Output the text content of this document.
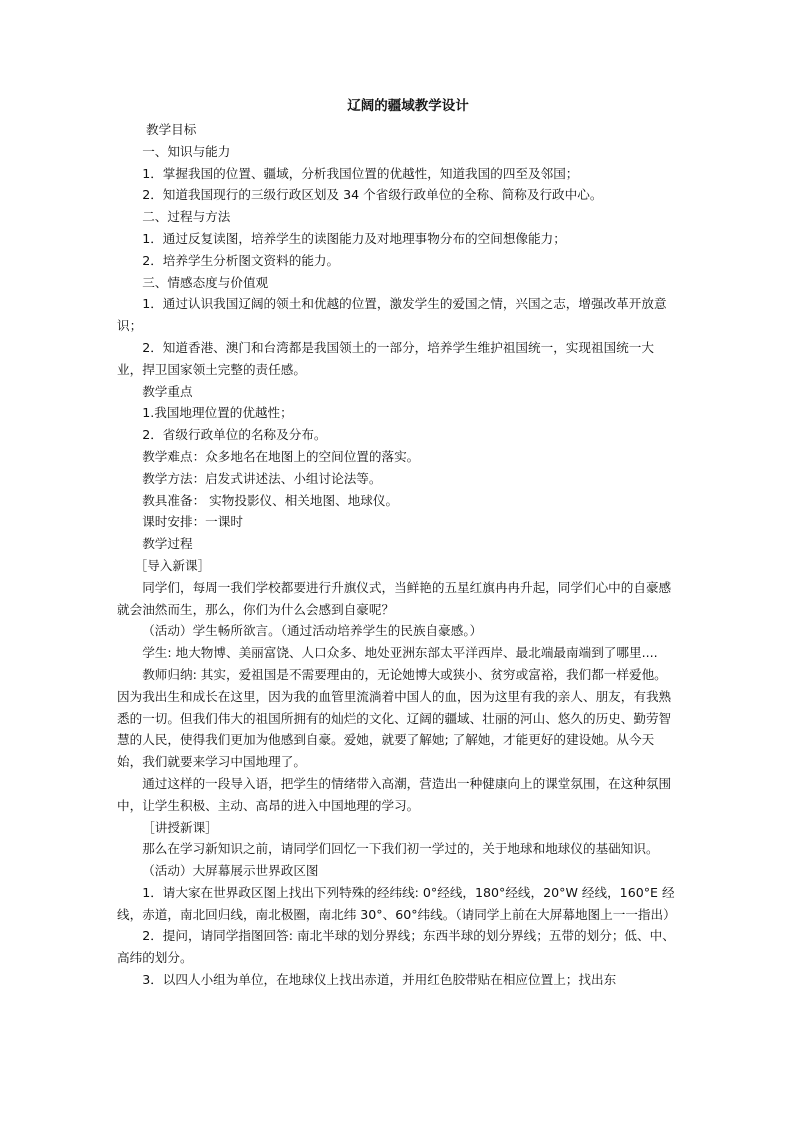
辽阔的疆域教学设计

教学目标

一、知识与能力

1．掌握我国的位置、疆域，分析我国位置的优越性，知道我国的四至及邻国；

2．知道我国现行的三级行政区划及 34 个省级行政单位的全称、简称及行政中心。

二、过程与方法

1．通过反复读图，培养学生的读图能力及对地理事物分布的空间想像能力；

2．培养学生分析图文资料的能力。

三、情感态度与价值观

1．通过认识我国辽阔的领土和优越的位置，激发学生的爱国之情，兴国之志，增强改革开放意识；

2．知道香港、澳门和台湾都是我国领土的一部分，培养学生维护祖国统一，实现祖国统一大业，捍卫国家领土完整的责任感。

教学重点

1.我国地理位置的优越性；

2．省级行政单位的名称及分布。

教学难点：众多地名在地图上的空间位置的落实。

教学方法：启发式讲述法、小组讨论法等。

教具准备： 实物投影仪、相关地图、地球仪。

课时安排：一课时

教学过程

［导入新课］

同学们，每周一我们学校都要进行升旗仪式，当鲜艳的五星红旗冉冉升起，同学们心中的自豪感就会油然而生，那么，你们为什么会感到自豪呢？

（活动）学生畅所欲言。（通过活动培养学生的民族自豪感。）

学生: 地大物博、美丽富饶、人口众多、地处亚洲东部太平洋西岸、最北端最南端到了哪里....

教师归纳: 其实，爱祖国是不需要理由的，无论她博大或狭小、贫穷或富裕，我们都一样爱他。因为我出生和成长在这里，因为我的血管里流淌着中国人的血，因为这里有我的亲人、朋友，有我熟悉的一切。但我们伟大的祖国所拥有的灿烂的文化、辽阔的疆域、壮丽的河山、悠久的历史、勤劳智慧的人民，使得我们更加为他感到自豪。爱她，就要了解她; 了解她，才能更好的建设她。从今天始，我们就要来学习中国地理了。

通过这样的一段导入语，把学生的情绪带入高潮，营造出一种健康向上的课堂氛围，在这种氛围中，让学生积极、主动、高昂的进入中国地理的学习。

［讲授新课］

那么在学习新知识之前，请同学们回忆一下我们初一学过的，关于地球和地球仪的基础知识。

（活动）大屏幕展示世界政区图

1．请大家在世界政区图上找出下列特殊的经纬线: 0°经线，180°经线，20°W 经线，160°E 经线，赤道，南北回归线，南北极圈，南北纬 30°、60°纬线。（请同学上前在大屏幕地图上一一指出）

2．提问，请同学指图回答: 南北半球的划分界线；东西半球的划分界线；五带的划分；低、中、高纬的划分。

3．以四人小组为单位，在地球仪上找出赤道，并用红色胶带贴在相应位置上；找出东
